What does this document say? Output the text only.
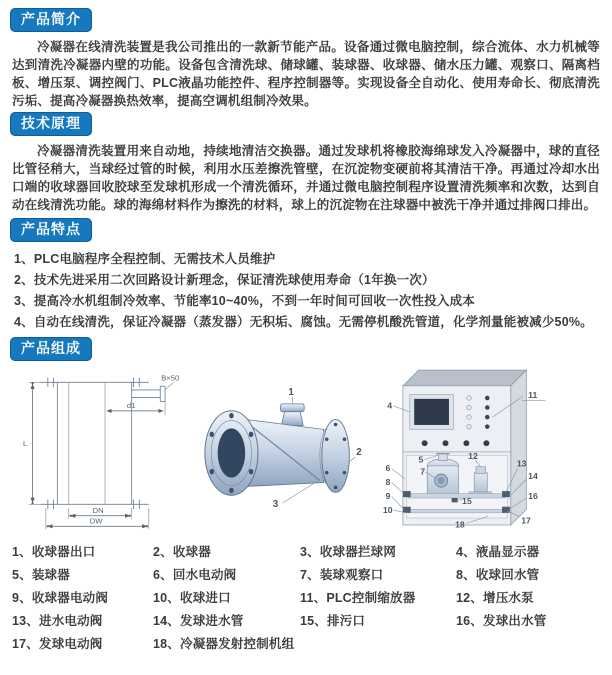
产品简介

冷凝器在线清洗装置是我公司推出的一款新节能产品。设备通过微电脑控制，综合流体、水力机械等达到清洗冷凝器内壁的功能。设备包含清洗球、储球罐、装球器、收球器、储水压力罐、观察口、隔离档板、增压泵、调控阀门、PLC液晶功能控件、程序控制器等。实现设备全自动化、使用寿命长、彻底清洗污垢、提高冷凝器换热效率，提高空调机组制冷效果。

技术原理

冷凝器清洗装置用来自动地，持续地清洁交换器。通过发球机将橡胶海绵球发入冷凝器中，球的直径比管径稍大，当球经过管的时候，利用水压差擦洗管壁，在沉淀物变硬前将其清洁干净。再通过冷却水出口端的收球器回收胶球至发球机形成一个清洗循环，并通过微电脑控制程序设置清洗频率和次数，达到自动在线清洗功能。球的海绵材料作为擦洗的材料，球上的沉淀物在注球器中被洗干净并通过排阀口排出。

产品特点
1、PLC电脑程序全程控制、无需技术人员维护
2、技术先进采用二次回路设计新理念，保证清洗球使用寿命（1年换一次）
3、提高冷水机组制冷效率、节能率10~40%，不到一年时间可回收一次性投入成本
4、自动在线清洗，保证冷凝器（蒸发器）无积垢、腐蚀。无需停机酸洗管道，化学剂量能被减少50%。
产品组成
L
d1
B×50
DN
DW
1
2
3
4
11
5
6	7
8
9
10
12
13
14
15
16
17
18
1、收球器出口	2、收球器	3、收球器拦球网	4、液晶显示器
5、装球器	6、回水电动阀	7、装球观察口	8、收球回水管
9、收球器电动阀	10、收球进口	11、PLC控制缩放器	12、增压水泵
13、进水电动阀	14、发球进水管	15、排污口	16、发球出水管
17、发球电动阀	18、冷凝器发射控制机组
